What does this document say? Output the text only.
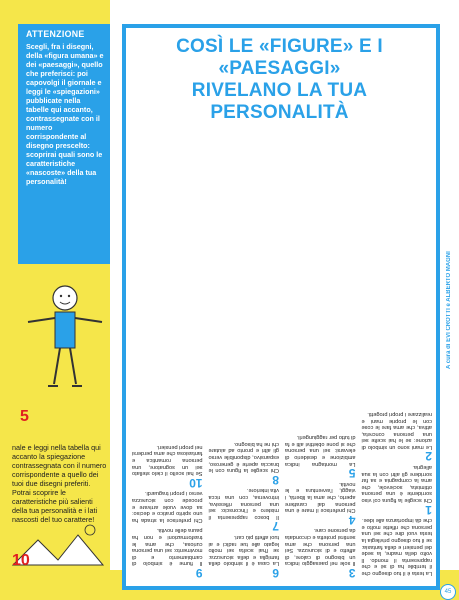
ATTENZIONE
Scegli, fra i disegni, della «figura umana» e dei «paesaggi», quello che preferisci: poi capovolgi il giornale e leggi le «spiegazioni» pubblicate nella tabelle qui accanto, contrassegnate con il numero corrispondente al disegno prescelto: scoprirai quali sono le caratteristiche «nascoste» della tua personalità!
5
nale e leggi nella tabella qui accanto la spiegazione contrassegnata con il numero corrispondente a quello dei tuoi due disegni preferiti. Potrai scoprire le caratteristiche più salienti della tua personalità e i lati nascosti del tuo carattere!
10
COSÌ LE «FIGURE» E I «PAESAGGI»
RIVELANO LA TUA PERSONALITÀ

La testa è il tuo disegno che il terribile ha di sé e che rappresenta il mondo. Il volto della madre, la sede dei pensieri e della fantasia: se il tuo disegno privilegia la testa vuol dire che sei una persona che riflette molto e che dà importanza alle idee.

1

Chi sceglie la figura col viso sorridente è una persona ottimista, socievole, che ama la compagnia e sa far sorridere gli altri con la sua allegria.

2

Le mani sono un simbolo di azione: se le hai scelte sei una persona concreta, attiva, che ama fare le cose con le proprie mani e realizzare i propri progetti.

3

Il sole nel paesaggio indica un bisogno di calore, di affetto e di sicurezza. Sei una persona che ama sentirsi protetta e circondata da persone care.

4

Chi preferisce il mare è una persona dal carattere aperto, che ama la libertà, i viaggi, l'avventura e le novità.

5

La montagna indica ambizione e desiderio di elevarsi: sei una persona che si pone obiettivi alti e fa di tutto per raggiungerli.

6

La casa è il simbolo della famiglia e della sicurezza: se l'hai scelta sei molto legato alle tue radici e ai tuoi affetti più cari.

7

Il bosco rappresenta il mistero e l'inconscio: sei una persona riflessiva, introversa, con una ricca vita interiore.

8

Chi sceglie la figura con le braccia aperte è generoso, espansivo, disponibile verso gli altri e pronto ad aiutare chi ne ha bisogno.

9

Il fiume è simbolo di cambiamento e di movimento: sei una persona curiosa, che ama le trasformazioni e non ha paura delle novità.

Chi preferisce la strada ha uno spirito pratico e deciso: sa dove vuole arrivare e procede con sicurezza verso i propri traguardi.

10

Se hai scelto il cielo stellato sei un sognatore, una persona romantica e fantasiosa che ama perdersi nei propri pensieri.

A cura di EVI CROTTI e ALBERTO MAGNI
45
